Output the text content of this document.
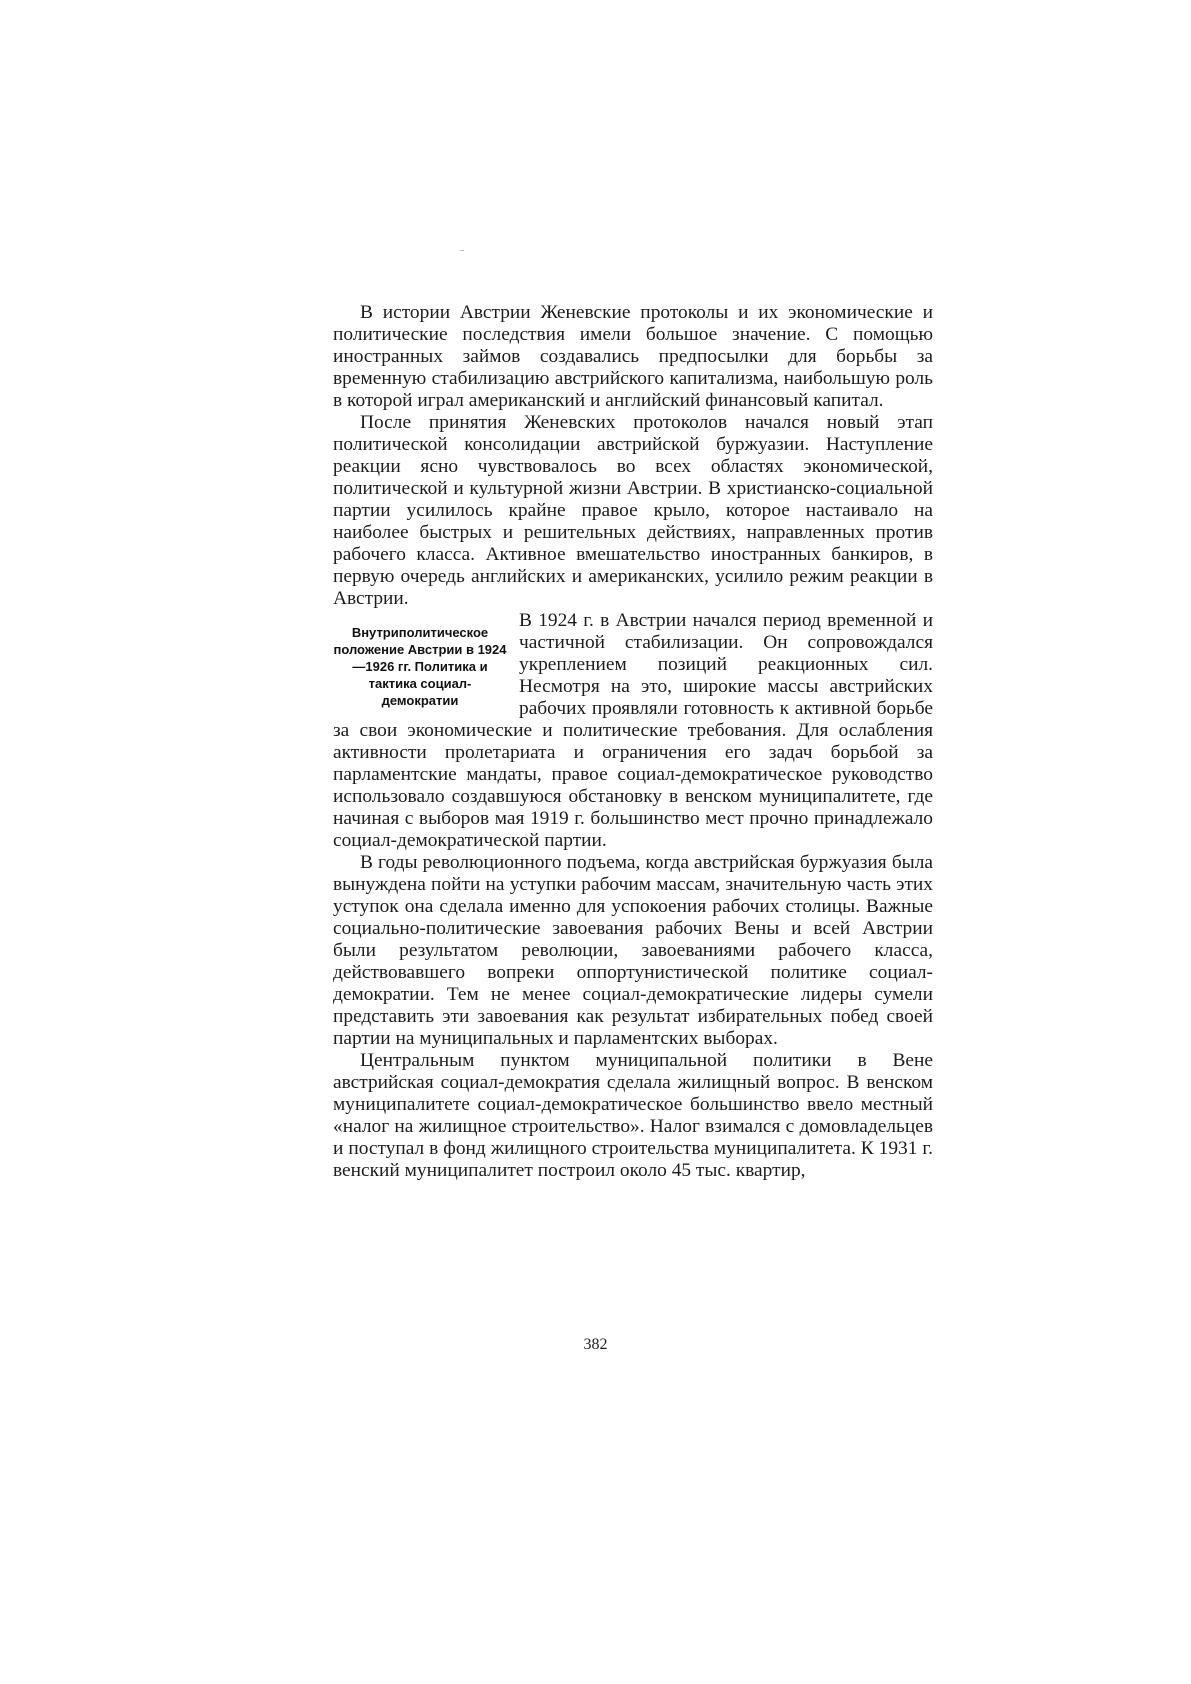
В истории Австрии Женевские протоколы и их экономические и политические последствия имели большое значение. С помощью иностранных займов создавались предпосылки для борьбы за временную стабилизацию австрийского капитализма, наибольшую роль в которой играл американский и английский финансовый капитал.

После принятия Женевских протоколов начался новый этап политической консолидации австрийской буржуазии. Наступление реакции ясно чувствовалось во всех областях экономической, политической и культурной жизни Австрии. В христианско-социальной партии усилилось крайне правое крыло, которое настаивало на наиболее быстрых и решительных действиях, направленных против рабочего класса. Активное вмешательство иностранных банкиров, в первую очередь английских и американских, усилило режим реакции в Австрии.

Внутриполитическое положение Австрии в 1924—1926 гг. Политика и тактика социал-демократии

В 1924 г. в Австрии начался период временной и частичной стабилизации. Он сопровождался укреплением позиций реакционных сил. Несмотря на это, широкие массы австрийских рабочих проявляли готовность к активной борьбе за свои экономические и политические требования. Для ослабления активности пролетариата и ограничения его задач борьбой за парламентские мандаты, правое социал-демократическое руководство использовало создавшуюся обстановку в венском муниципалитете, где начиная с выборов мая 1919 г. большинство мест прочно принадлежало социал-демократической партии.

В годы революционного подъема, когда австрийская буржуазия была вынуждена пойти на уступки рабочим массам, значительную часть этих уступок она сделала именно для успокоения рабочих столицы. Важные социально-политические завоевания рабочих Вены и всей Австрии были результатом революции, завоеваниями рабочего класса, действовавшего вопреки оппортунистической политике социал-демократии. Тем не менее социал-демократические лидеры сумели представить эти завоевания как результат избирательных побед своей партии на муниципальных и парламентских выборах.

Центральным пунктом муниципальной политики в Вене австрийская социал-демократия сделала жилищный вопрос. В венском муниципалитете социал-демократическое большинство ввело местный «налог на жилищное строительство». Налог взимался с домовладельцев и поступал в фонд жилищного строительства муниципалитета. К 1931 г. венский муниципалитет построил около 45 тыс. квартир,

382
